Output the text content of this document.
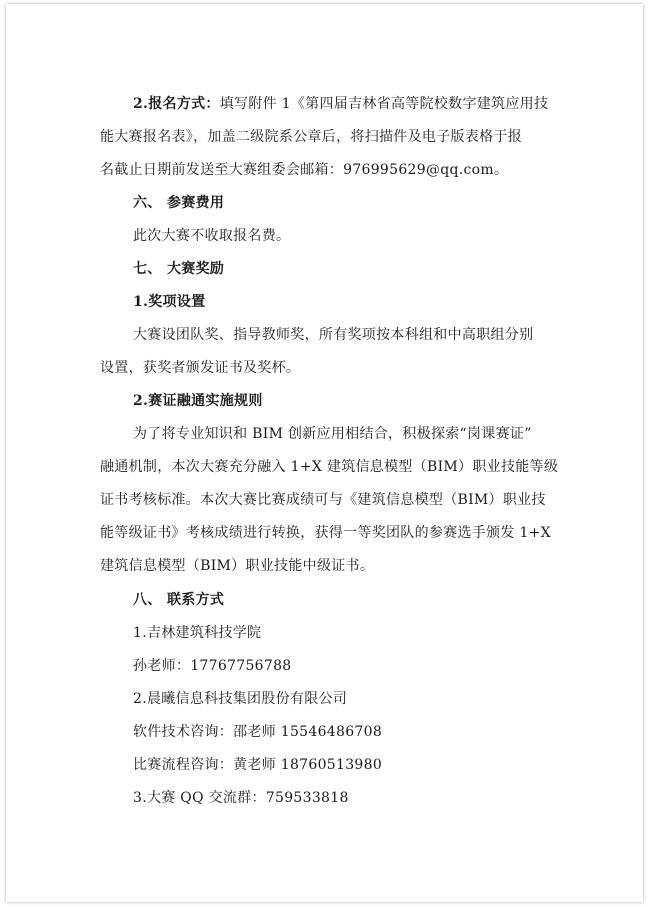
2.报名方式：填写附件 1《第四届吉林省高等院校数字建筑应用技
能大赛报名表》，加盖二级院系公章后，将扫描件及电子版表格于报
名截止日期前发送至大赛组委会邮箱：976995629@qq.com。
六、 参赛费用
此次大赛不收取报名费。
七、 大赛奖励
1.奖项设置
大赛设团队奖、指导教师奖，所有奖项按本科组和中高职组分别
设置，获奖者颁发证书及奖杯。
2.赛证融通实施规则
为了将专业知识和 BIM 创新应用相结合，积极探索“岗课赛证”
融通机制，本次大赛充分融入 1+X 建筑信息模型（BIM）职业技能等级
证书考核标准。本次大赛比赛成绩可与《建筑信息模型（BIM）职业技
能等级证书》考核成绩进行转换，获得一等奖团队的参赛选手颁发 1+X
建筑信息模型（BIM）职业技能中级证书。
八、 联系方式
1.吉林建筑科技学院
孙老师：17767756788
2.晨曦信息科技集团股份有限公司
软件技术咨询：邵老师 15546486708
比赛流程咨询：黄老师 18760513980
3.大赛 QQ 交流群：759533818
